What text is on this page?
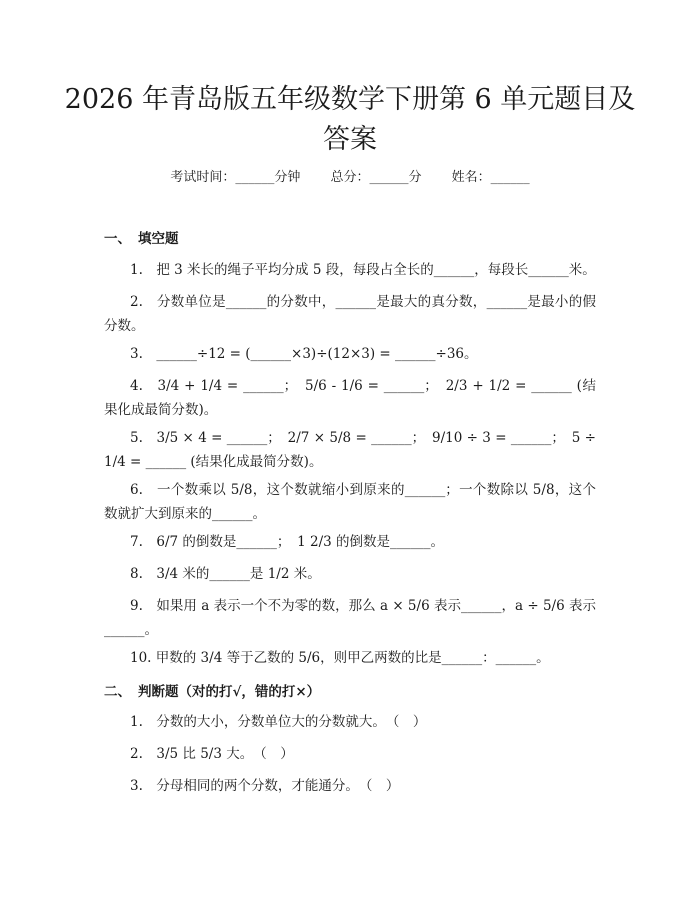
2026 年青岛版五年级数学下册第 6 单元题目及答案
考试时间：______分钟 总分：______分 姓名：______
一、 填空题
1.　把 3 米长的绳子平均分成 5 段，每段占全长的______，每段长______米。
2.　分数单位是______的分数中，______是最大的真分数，______是最小的假分数。
3.　______÷12 = (______×3)÷(12×3) = ______÷36。
4.　3/4 + 1/4 = ______；　5/6 - 1/6 = ______；　2/3 + 1/2 = ______ (结果化成最简分数)。
5.　3/5 × 4 = ______；　2/7 × 5/8 = ______；　9/10 ÷ 3 = ______；　5 ÷ 1/4 = ______ (结果化成最简分数)。
6.　一个数乘以 5/8，这个数就缩小到原来的______；一个数除以 5/8，这个数就扩大到原来的______。
7.　6/7 的倒数是______；　1 2/3 的倒数是______。
8.　3/4 米的______是 1/2 米。
9.　如果用 a 表示一个不为零的数，那么 a × 5/6 表示______，a ÷ 5/6 表示______。
10. 甲数的 3/4 等于乙数的 5/6，则甲乙两数的比是______：______。
二、 判断题（对的打√，错的打×）
1.　分数的大小，分数单位大的分数就大。　（　）
2.　3/5 比 5/3 大。　（　）
3.　分母相同的两个分数，才能通分。　（　）
